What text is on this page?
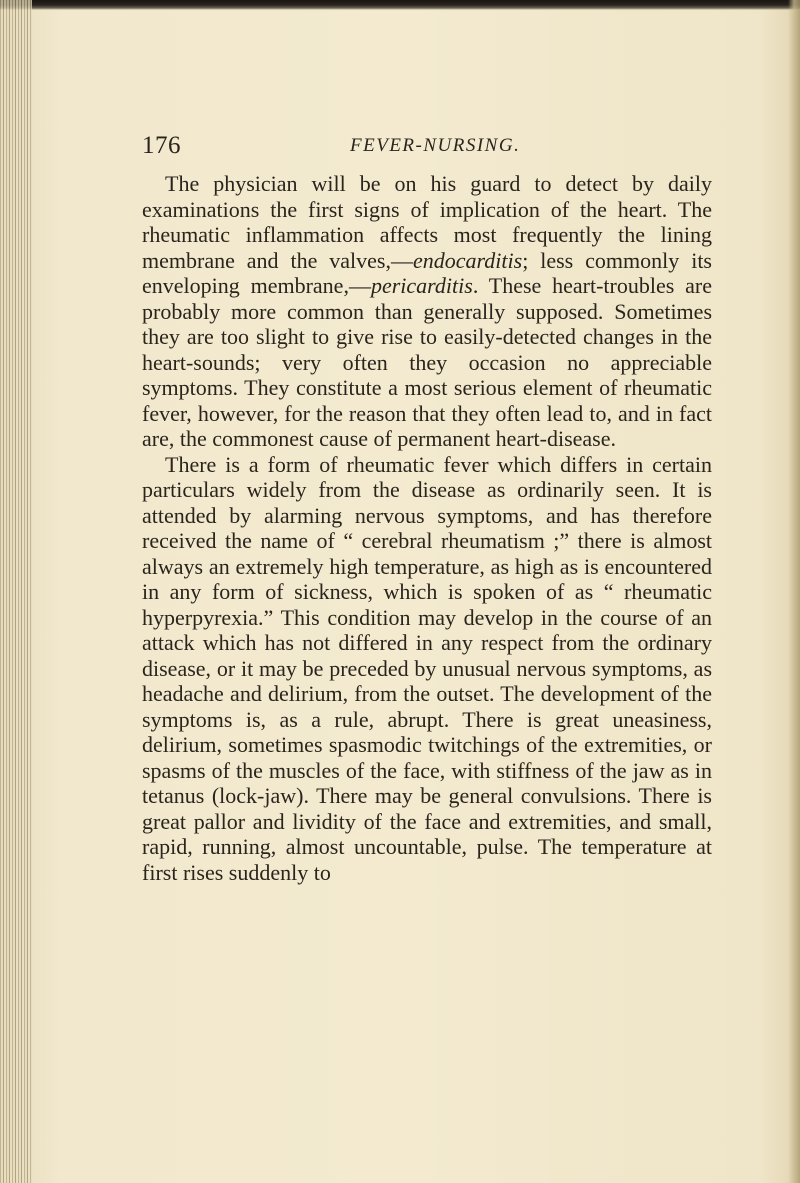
176	FEVER-NURSING.

The physician will be on his guard to detect by daily examinations the first signs of implication of the heart. The rheumatic inflammation affects most frequently the lining membrane and the valves,—endocarditis; less commonly its enveloping membrane,—pericarditis. These heart-troubles are probably more common than generally supposed. Sometimes they are too slight to give rise to easily-detected changes in the heart-sounds; very often they occasion no appreciable symptoms. They constitute a most serious element of rheumatic fever, however, for the reason that they often lead to, and in fact are, the commonest cause of permanent heart-disease.

There is a form of rheumatic fever which differs in certain particulars widely from the disease as ordinarily seen. It is attended by alarming nervous symptoms, and has therefore received the name of “ cerebral rheumatism ;” there is almost always an extremely high temperature, as high as is encountered in any form of sickness, which is spoken of as “ rheumatic hyperpyrexia.” This condition may develop in the course of an attack which has not differed in any respect from the ordinary disease, or it may be preceded by unusual nervous symptoms, as headache and delirium, from the outset. The development of the symptoms is, as a rule, abrupt. There is great uneasiness, delirium, sometimes spasmodic twitchings of the extremities, or spasms of the muscles of the face, with stiffness of the jaw as in tetanus (lock-jaw). There may be general convulsions. There is great pallor and lividity of the face and extremities, and small, rapid, running, almost uncountable, pulse. The temperature at first rises suddenly to
